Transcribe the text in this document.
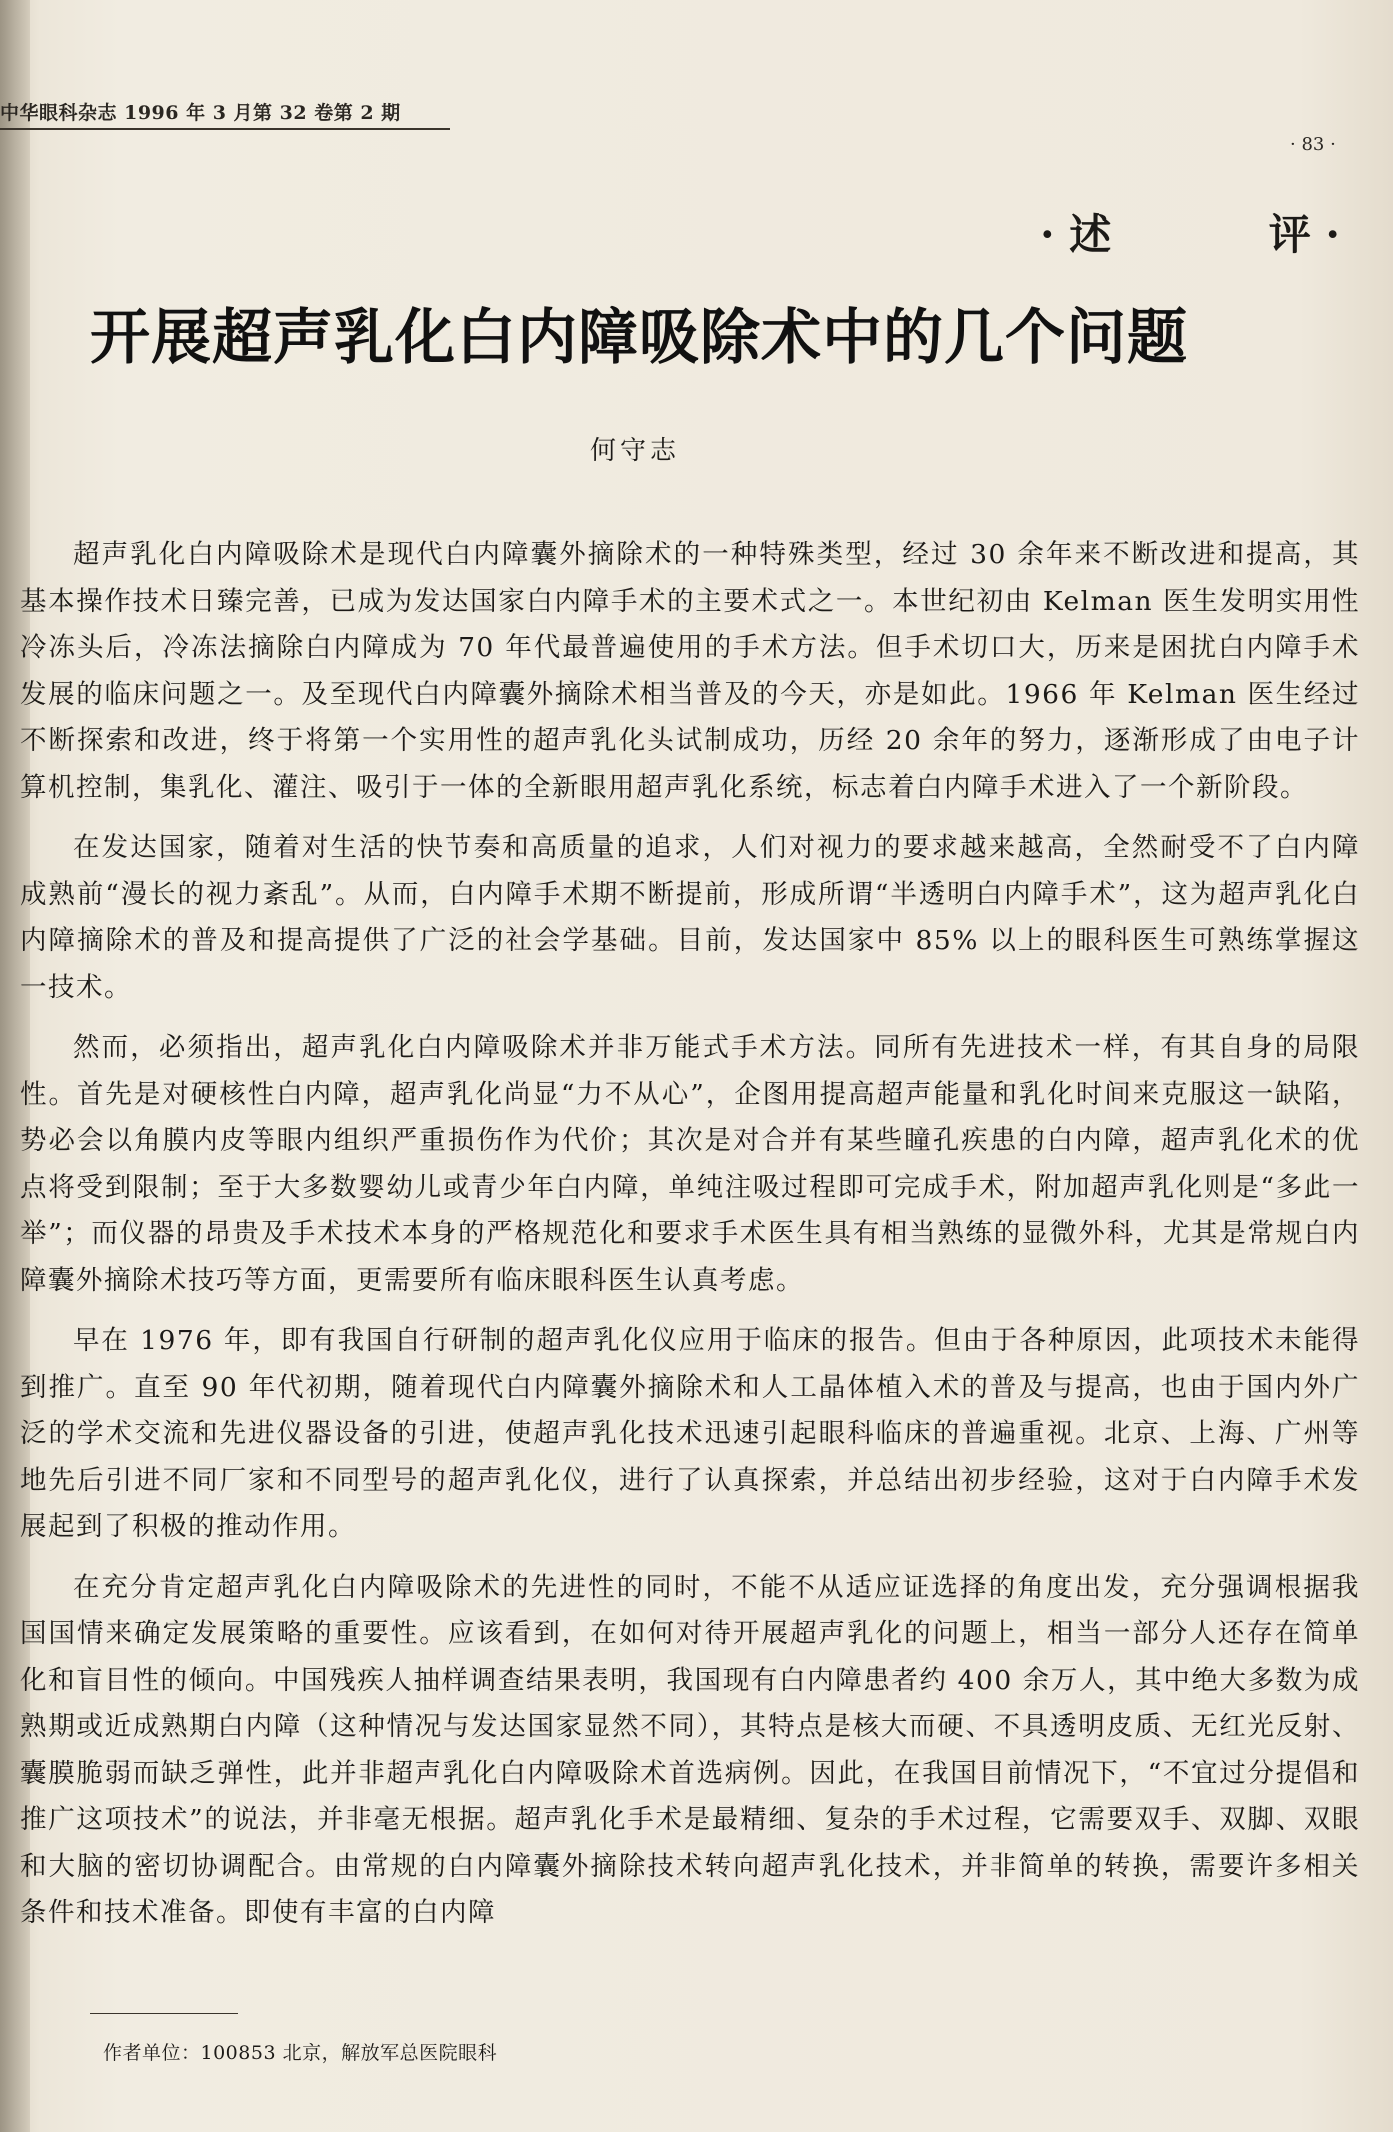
中华眼科杂志 1996 年 3 月第 32 卷第 2 期
· 83 ·
· 述	评 ·
开展超声乳化白内障吸除术中的几个问题
何守志

超声乳化白内障吸除术是现代白内障囊外摘除术的一种特殊类型，经过 30 余年来不断改进和提高，其基本操作技术日臻完善，已成为发达国家白内障手术的主要术式之一。本世纪初由 Kelman 医生发明实用性冷冻头后，冷冻法摘除白内障成为 70 年代最普遍使用的手术方法。但手术切口大，历来是困扰白内障手术发展的临床问题之一。及至现代白内障囊外摘除术相当普及的今天，亦是如此。1966 年 Kelman 医生经过不断探索和改进，终于将第一个实用性的超声乳化头试制成功，历经 20 余年的努力，逐渐形成了由电子计算机控制，集乳化、灌注、吸引于一体的全新眼用超声乳化系统，标志着白内障手术进入了一个新阶段。

在发达国家，随着对生活的快节奏和高质量的追求，人们对视力的要求越来越高，全然耐受不了白内障成熟前“漫长的视力紊乱”。从而，白内障手术期不断提前，形成所谓“半透明白内障手术”，这为超声乳化白内障摘除术的普及和提高提供了广泛的社会学基础。目前，发达国家中 85% 以上的眼科医生可熟练掌握这一技术。

然而，必须指出，超声乳化白内障吸除术并非万能式手术方法。同所有先进技术一样，有其自身的局限性。首先是对硬核性白内障，超声乳化尚显“力不从心”，企图用提高超声能量和乳化时间来克服这一缺陷，势必会以角膜内皮等眼内组织严重损伤作为代价；其次是对合并有某些瞳孔疾患的白内障，超声乳化术的优点将受到限制；至于大多数婴幼儿或青少年白内障，单纯注吸过程即可完成手术，附加超声乳化则是“多此一举”；而仪器的昂贵及手术技术本身的严格规范化和要求手术医生具有相当熟练的显微外科，尤其是常规白内障囊外摘除术技巧等方面，更需要所有临床眼科医生认真考虑。

早在 1976 年，即有我国自行研制的超声乳化仪应用于临床的报告。但由于各种原因，此项技术未能得到推广。直至 90 年代初期，随着现代白内障囊外摘除术和人工晶体植入术的普及与提高，也由于国内外广泛的学术交流和先进仪器设备的引进，使超声乳化技术迅速引起眼科临床的普遍重视。北京、上海、广州等地先后引进不同厂家和不同型号的超声乳化仪，进行了认真探索，并总结出初步经验，这对于白内障手术发展起到了积极的推动作用。

在充分肯定超声乳化白内障吸除术的先进性的同时，不能不从适应证选择的角度出发，充分强调根据我国国情来确定发展策略的重要性。应该看到，在如何对待开展超声乳化的问题上，相当一部分人还存在简单化和盲目性的倾向。中国残疾人抽样调查结果表明，我国现有白内障患者约 400 余万人，其中绝大多数为成熟期或近成熟期白内障（这种情况与发达国家显然不同），其特点是核大而硬、不具透明皮质、无红光反射、囊膜脆弱而缺乏弹性，此并非超声乳化白内障吸除术首选病例。因此，在我国目前情况下，“不宜过分提倡和推广这项技术”的说法，并非毫无根据。超声乳化手术是最精细、复杂的手术过程，它需要双手、双脚、双眼和大脑的密切协调配合。由常规的白内障囊外摘除技术转向超声乳化技术，并非简单的转换，需要许多相关条件和技术准备。即使有丰富的白内障

作者单位：100853 北京，解放军总医院眼科
